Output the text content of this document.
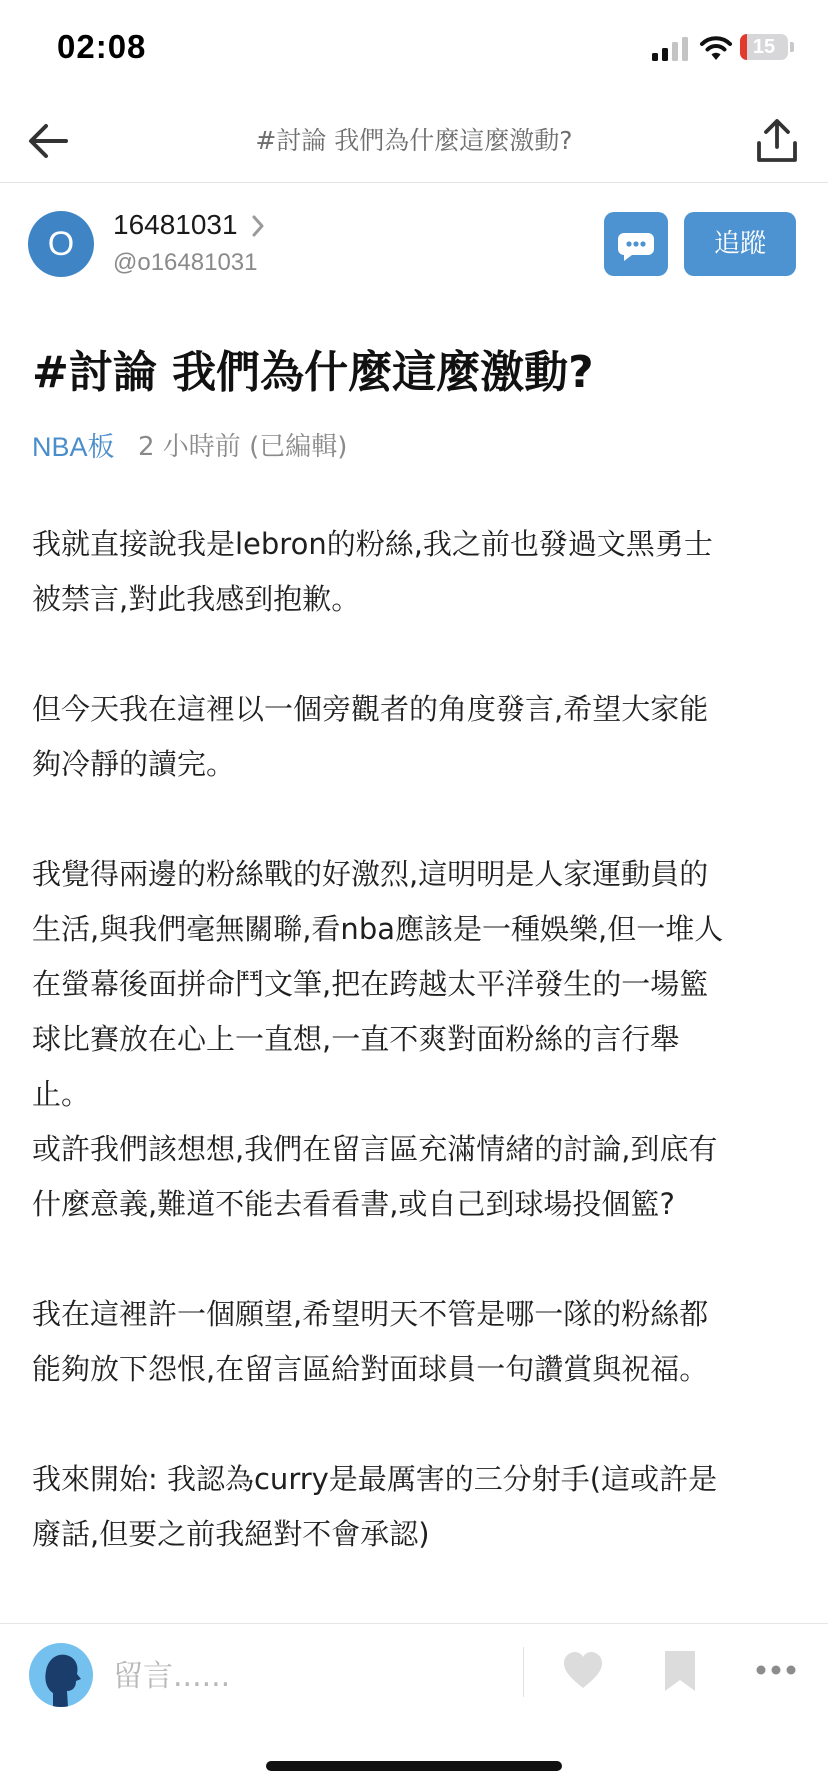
02:08	15
#討論 我們為什麼這麼激動?
O
16481031
@o16481031
追蹤
#討論 我們為什麼這麼激動?
NBA板 2 小時前 (已編輯)

我就直接說我是lebron的粉絲,我之前也發過文黑勇士

被禁言,對此我感到抱歉。

但今天我在這裡以一個旁觀者的角度發言,希望大家能

夠冷靜的讀完。

我覺得兩邊的粉絲戰的好激烈,這明明是人家運動員的

生活,與我們毫無關聯,看nba應該是一種娛樂,但一堆人

在螢幕後面拼命鬥文筆,把在跨越太平洋發生的一場籃

球比賽放在心上一直想,一直不爽對面粉絲的言行舉

止。

或許我們該想想,我們在留言區充滿情緒的討論,到底有

什麼意義,難道不能去看看書,或自己到球場投個籃?

我在這裡許一個願望,希望明天不管是哪一隊的粉絲都

能夠放下怨恨,在留言區給對面球員一句讚賞與祝福。

我來開始: 我認為curry是最厲害的三分射手(這或許是

廢話,但要之前我絕對不會承認)

留言......
